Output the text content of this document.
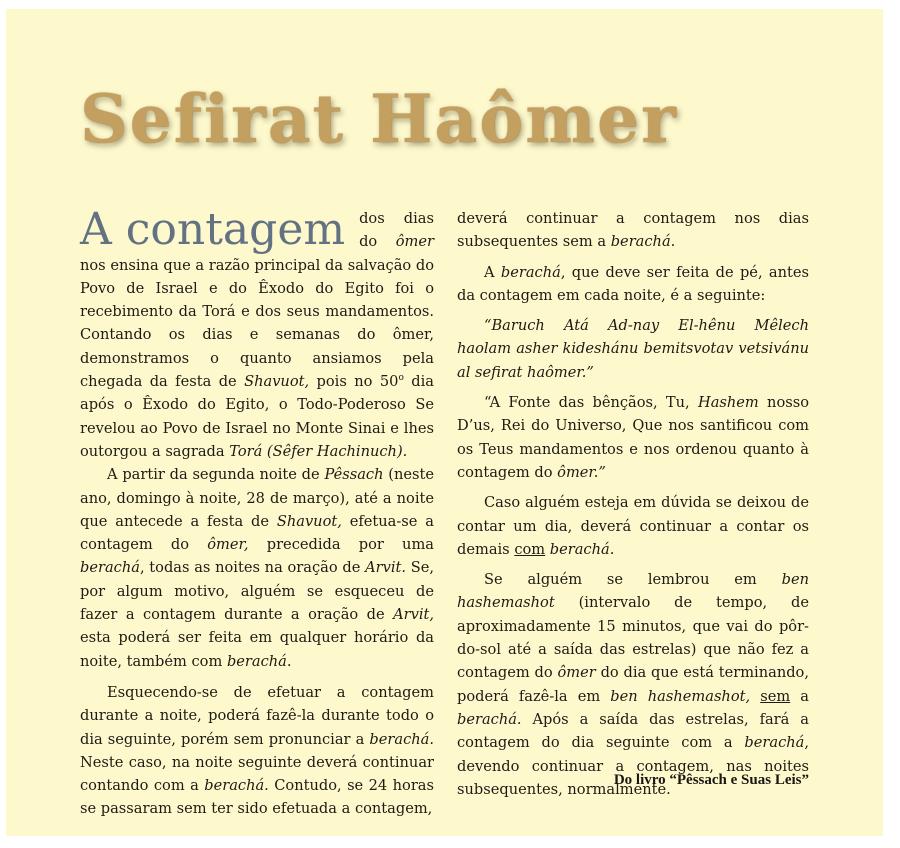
Sefirat Haômer

A contagem dos dias do ômer nos ensina que a razão principal da salvação do Povo de Israel e do Êxodo do Egito foi o recebimento da Torá e dos seus mandamentos. Contando os dias e semanas do ômer, demonstramos o quanto ansiamos pela chegada da festa de Shavuot, pois no 50$^o$ dia após o Êxodo do Egito, o Todo-Poderoso Se revelou ao Povo de Israel no Monte Sinai e lhes outorgou a sagrada Torá (Sêfer Hachinuch).

A partir da segunda noite de Pêssach (neste ano, domingo à noite, 28 de março), até a noite que antecede a festa de Shavuot, efetua-se a contagem do ômer, precedida por uma berachá, todas as noites na oração de Arvit. Se, por algum motivo, alguém se esqueceu de fazer a contagem durante a oração de Arvit, esta poderá ser feita em qualquer horário da noite, também com berachá.

Esquecendo-se de efetuar a contagem durante a noite, poderá fazê-la durante todo o dia seguinte, porém sem pronunciar a berachá. Neste caso, na noite seguinte deverá continuar contando com a berachá. Contudo, se 24 horas se passaram sem ter sido efetuada a contagem,

deverá continuar a contagem nos dias subsequentes sem a berachá.

A berachá, que deve ser feita de pé, antes da contagem em cada noite, é a seguinte:

“Baruch Atá Ad-nay El-hênu Mêlech haolam asher kideshánu bemitsvotav vetsivánu al sefirat haômer.”

“A Fonte das bênçãos, Tu, Hashem nosso D’us, Rei do Universo, Que nos santificou com os Teus mandamentos e nos ordenou quanto à contagem do ômer.”

Caso alguém esteja em dúvida se deixou de contar um dia, deverá continuar a contar os demais com berachá.

Se alguém se lembrou em ben hashemashot (intervalo de tempo, de aproximadamente 15 minutos, que vai do pôr-do-sol até a saída das estrelas) que não fez a contagem do ômer do dia que está terminando, poderá fazê-la em ben hashemashot, sem a berachá. Após a saída das estrelas, fará a contagem do dia seguinte com a berachá, devendo continuar a contagem, nas noites subsequentes, normalmente.

Do livro “Pêssach e Suas Leis”
